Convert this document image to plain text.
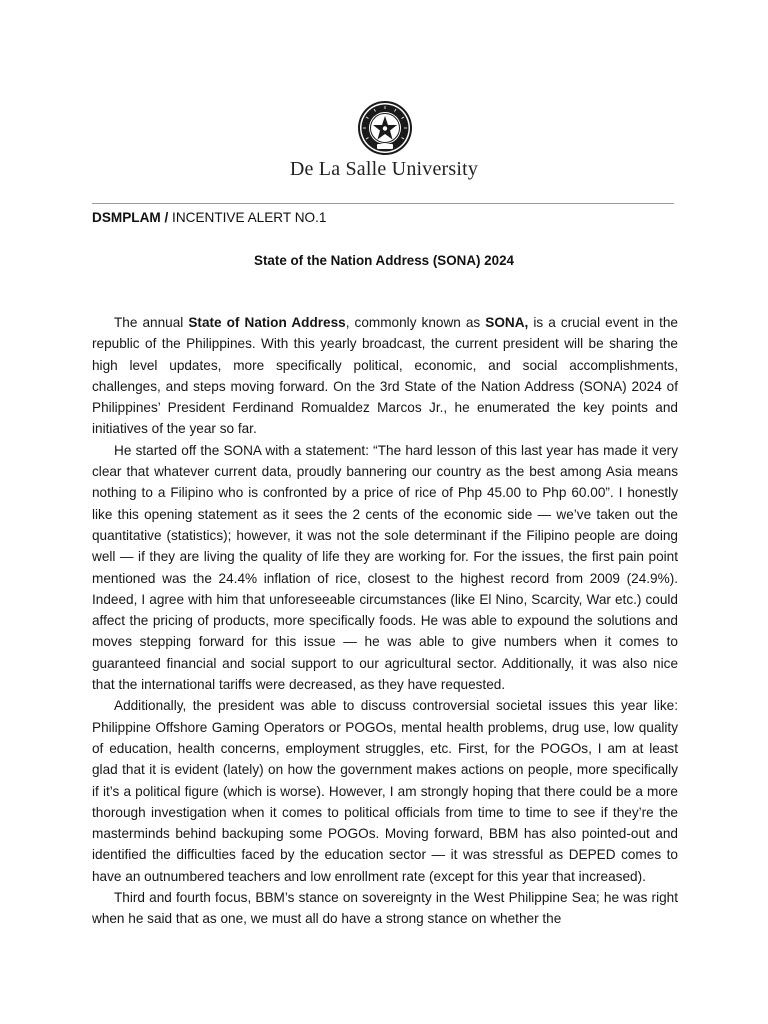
De La Salle University
DSMPLAM / INCENTIVE ALERT NO.1
State of the Nation Address (SONA) 2024

The annual State of Nation Address, commonly known as SONA, is a crucial event in the republic of the Philippines. With this yearly broadcast, the current president will be sharing the high level updates, more specifically political, economic, and social accomplishments, challenges, and steps moving forward. On the 3rd State of the Nation Address (SONA) 2024 of Philippines’ President Ferdinand Romualdez Marcos Jr., he enumerated the key points and initiatives of the year so far.

He started off the SONA with a statement: “The hard lesson of this last year has made it very clear that whatever current data, proudly bannering our country as the best among Asia means nothing to a Filipino who is confronted by a price of rice of Php 45.00 to Php 60.00”. I honestly like this opening statement as it sees the 2 cents of the economic side — we’ve taken out the quantitative (statistics); however, it was not the sole determinant if the Filipino people are doing well — if they are living the quality of life they are working for. For the issues, the first pain point mentioned was the 24.4% inflation of rice, closest to the highest record from 2009 (24.9%). Indeed, I agree with him that unforeseeable circumstances (like El Nino, Scarcity, War etc.) could affect the pricing of products, more specifically foods. He was able to expound the solutions and moves stepping forward for this issue — he was able to give numbers when it comes to guaranteed financial and social support to our agricultural sector. Additionally, it was also nice that the international tariffs were decreased, as they have requested.

Additionally, the president was able to discuss controversial societal issues this year like: Philippine Offshore Gaming Operators or POGOs, mental health problems, drug use, low quality of education, health concerns, employment struggles, etc. First, for the POGOs, I am at least glad that it is evident (lately) on how the government makes actions on people, more specifically if it’s a political figure (which is worse). However, I am strongly hoping that there could be a more thorough investigation when it comes to political officials from time to time to see if they’re the masterminds behind backuping some POGOs. Moving forward, BBM has also pointed-out and identified the difficulties faced by the education sector — it was stressful as DEPED comes to have an outnumbered teachers and low enrollment rate (except for this year that increased).

Third and fourth focus, BBM’s stance on sovereignty in the West Philippine Sea; he was right when he said that as one, we must all do have a strong stance on whether the
